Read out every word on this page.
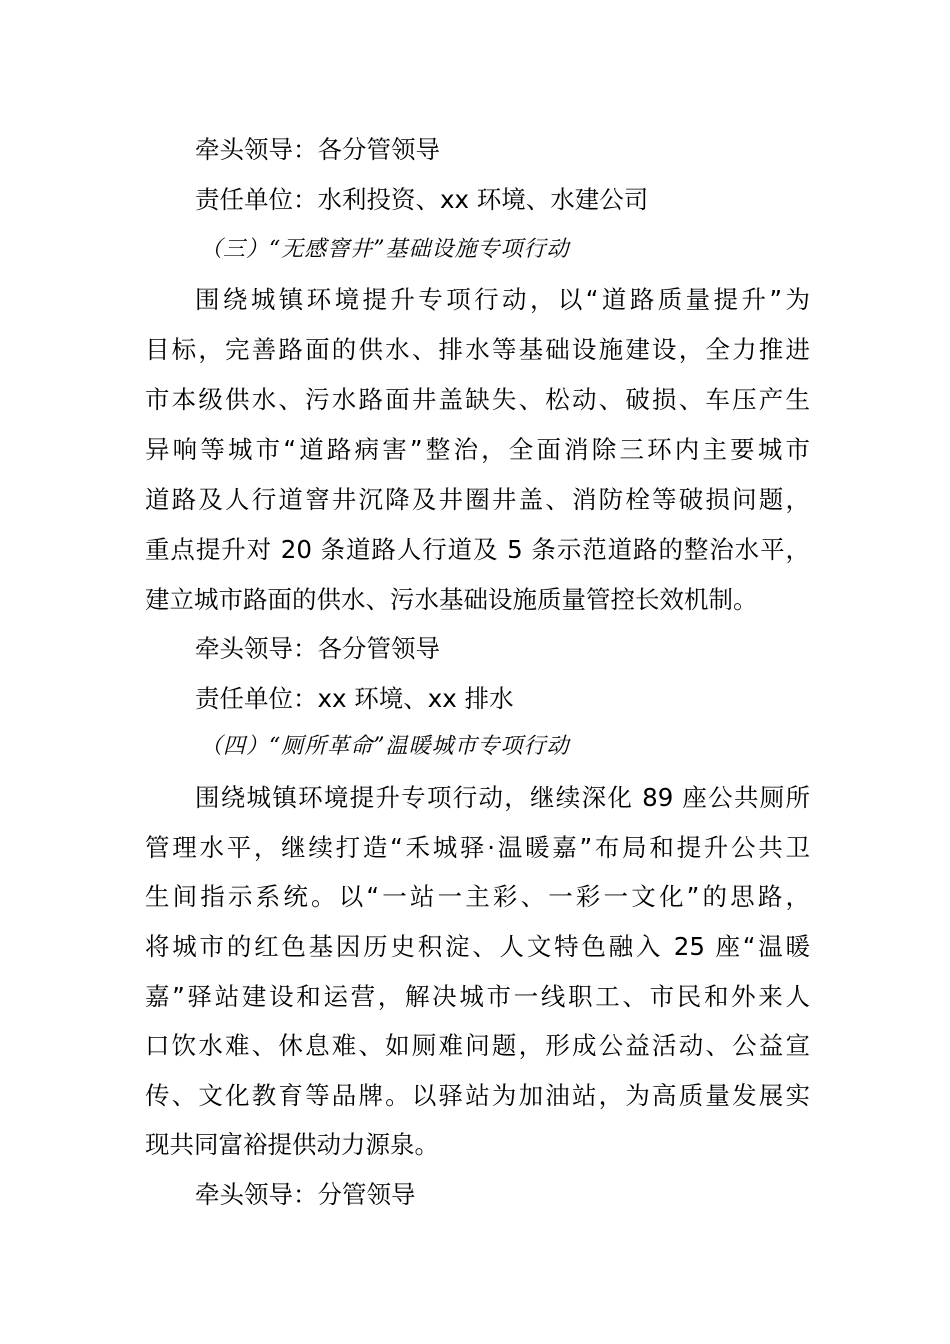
牵头领导：各分管领导
责任单位：水利投资、xx 环境、水建公司
（三）“无感窨井”基础设施专项行动
围绕城镇环境提升专项行动，以“道路质量提升”为
目标，完善路面的供水、排水等基础设施建设，全力推进
市本级供水、污水路面井盖缺失、松动、破损、车压产生
异响等城市“道路病害”整治，全面消除三环内主要城市
道路及人行道窨井沉降及井圈井盖、消防栓等破损问题，
重点提升对 20 条道路人行道及 5 条示范道路的整治水平，
建立城市路面的供水、污水基础设施质量管控长效机制。
牵头领导：各分管领导
责任单位：xx 环境、xx 排水
（四）“厕所革命”温暖城市专项行动
围绕城镇环境提升专项行动，继续深化 89 座公共厕所
管理水平，继续打造“禾城驿·温暖嘉”布局和提升公共卫
生间指示系统。以“一站一主彩、一彩一文化”的思路，
将城市的红色基因历史积淀、人文特色融入 25 座“温暖
嘉”驿站建设和运营，解决城市一线职工、市民和外来人
口饮水难、休息难、如厕难问题，形成公益活动、公益宣
传、文化教育等品牌。以驿站为加油站，为高质量发展实
现共同富裕提供动力源泉。
牵头领导：分管领导
